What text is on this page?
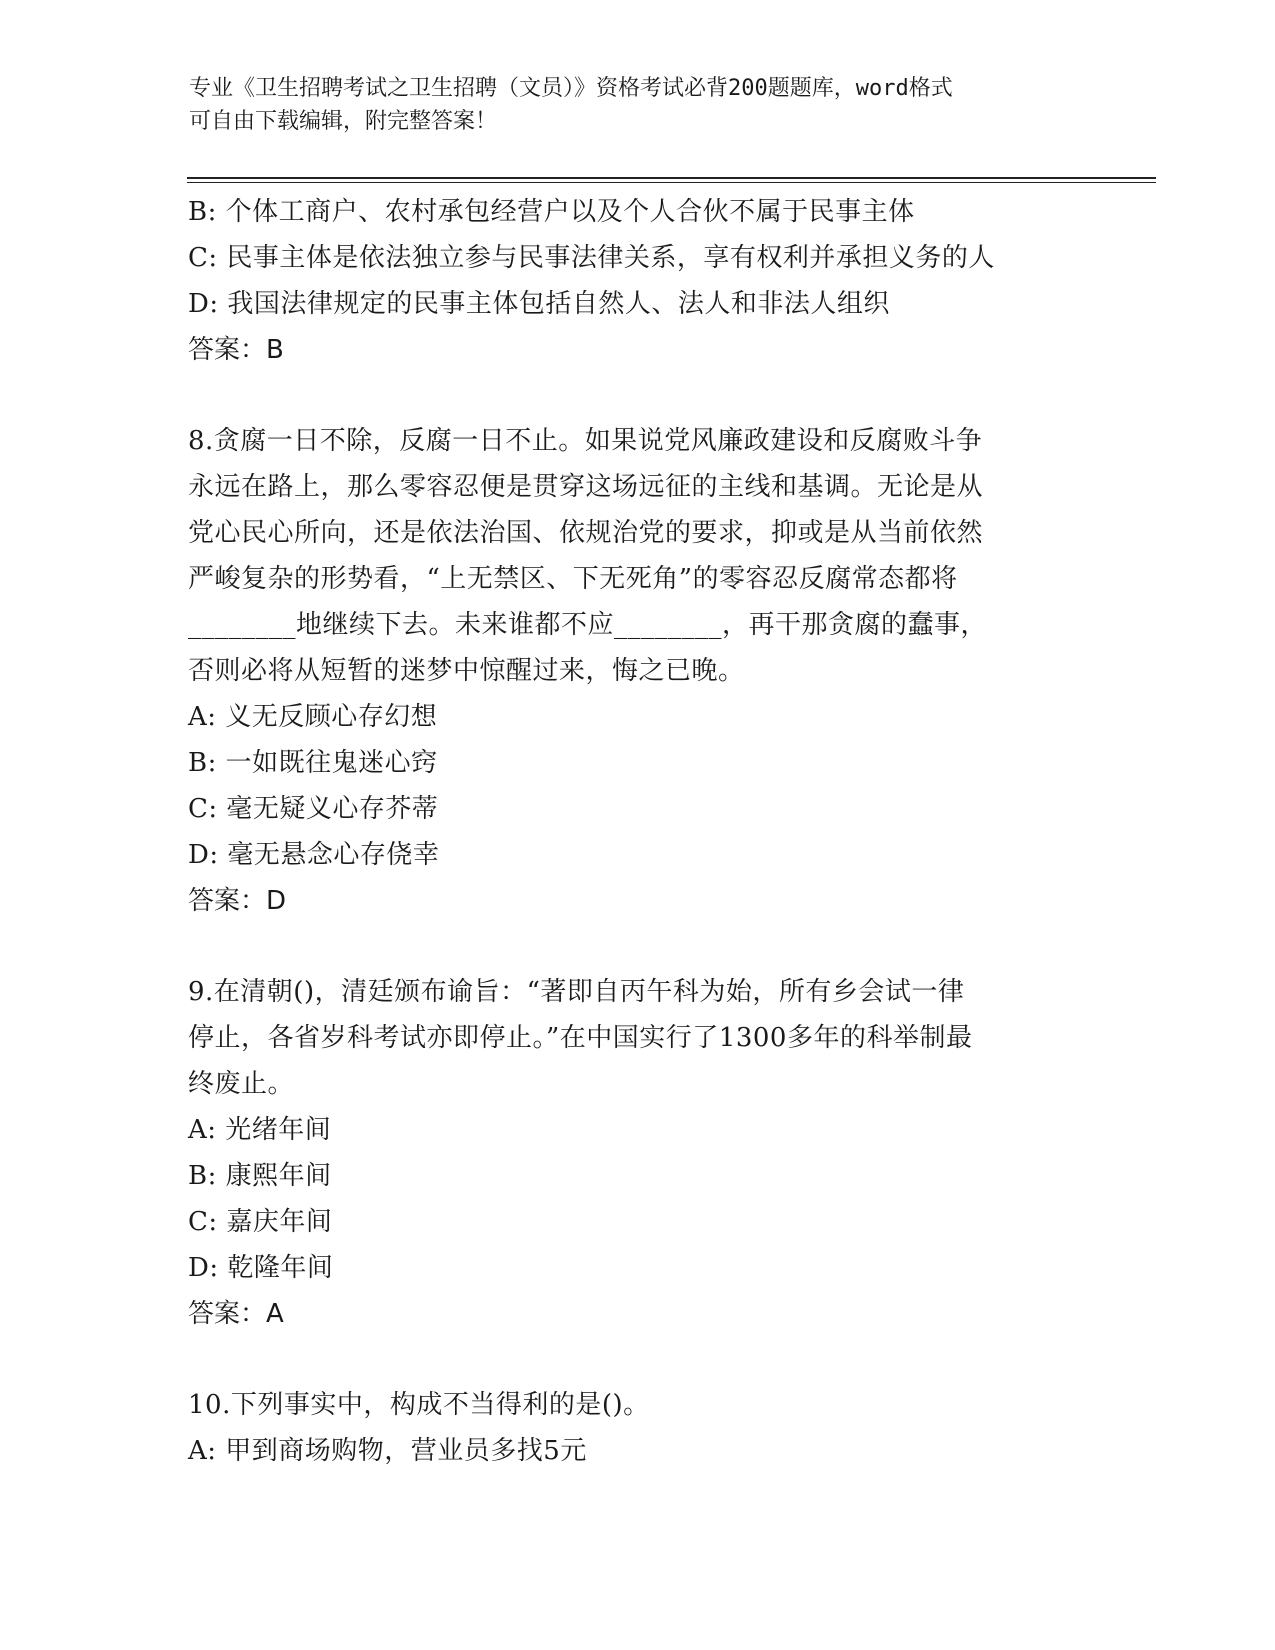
专业《卫生招聘考试之卫生招聘（文员）》资格考试必背200题题库，word格式
可自由下载编辑，附完整答案！
B: 个体工商户、农村承包经营户以及个人合伙不属于民事主体
C: 民事主体是依法独立参与民事法律关系，享有权利并承担义务的人
D: 我国法律规定的民事主体包括自然人、法人和非法人组织
答案：B
8.贪腐一日不除，反腐一日不止。如果说党风廉政建设和反腐败斗争
永远在路上，那么零容忍便是贯穿这场远征的主线和基调。无论是从
党心民心所向，还是依法治国、依规治党的要求，抑或是从当前依然
严峻复杂的形势看，“上无禁区、下无死角”的零容忍反腐常态都将
________地继续下去。未来谁都不应________，再干那贪腐的蠢事，
否则必将从短暂的迷梦中惊醒过来，悔之已晚。
A: 义无反顾心存幻想
B: 一如既往鬼迷心窍
C: 毫无疑义心存芥蒂
D: 毫无悬念心存侥幸
答案：D
9.在清朝()，清廷颁布谕旨：“著即自丙午科为始，所有乡会试一律
停止，各省岁科考试亦即停止。”在中国实行了1300多年的科举制最
终废止。
A: 光绪年间
B: 康熙年间
C: 嘉庆年间
D: 乾隆年间
答案：A
10.下列事实中，构成不当得利的是()。
A: 甲到商场购物，营业员多找5元
